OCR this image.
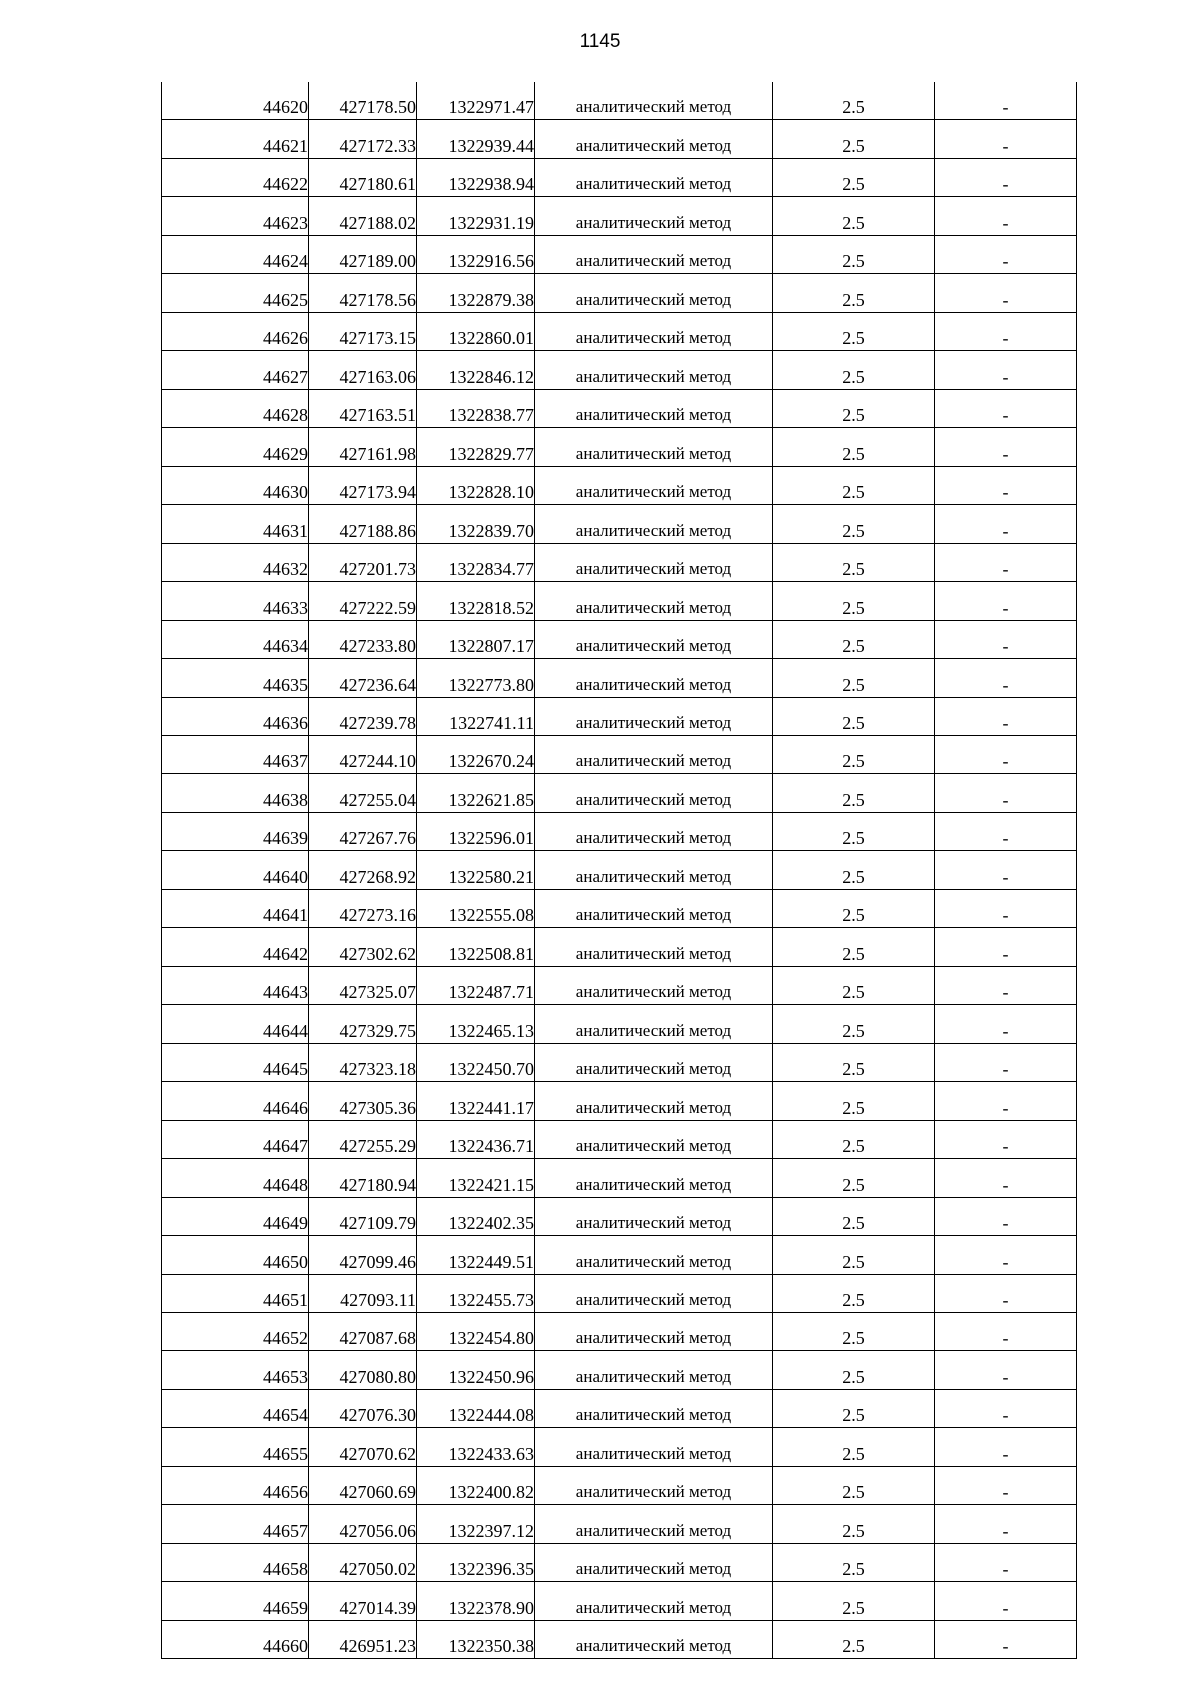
1145
44620	427178.50	1322971.47	аналитический метод	2.5	-
44621	427172.33	1322939.44	аналитический метод	2.5	-
44622	427180.61	1322938.94	аналитический метод	2.5	-
44623	427188.02	1322931.19	аналитический метод	2.5	-
44624	427189.00	1322916.56	аналитический метод	2.5	-
44625	427178.56	1322879.38	аналитический метод	2.5	-
44626	427173.15	1322860.01	аналитический метод	2.5	-
44627	427163.06	1322846.12	аналитический метод	2.5	-
44628	427163.51	1322838.77	аналитический метод	2.5	-
44629	427161.98	1322829.77	аналитический метод	2.5	-
44630	427173.94	1322828.10	аналитический метод	2.5	-
44631	427188.86	1322839.70	аналитический метод	2.5	-
44632	427201.73	1322834.77	аналитический метод	2.5	-
44633	427222.59	1322818.52	аналитический метод	2.5	-
44634	427233.80	1322807.17	аналитический метод	2.5	-
44635	427236.64	1322773.80	аналитический метод	2.5	-
44636	427239.78	1322741.11	аналитический метод	2.5	-
44637	427244.10	1322670.24	аналитический метод	2.5	-
44638	427255.04	1322621.85	аналитический метод	2.5	-
44639	427267.76	1322596.01	аналитический метод	2.5	-
44640	427268.92	1322580.21	аналитический метод	2.5	-
44641	427273.16	1322555.08	аналитический метод	2.5	-
44642	427302.62	1322508.81	аналитический метод	2.5	-
44643	427325.07	1322487.71	аналитический метод	2.5	-
44644	427329.75	1322465.13	аналитический метод	2.5	-
44645	427323.18	1322450.70	аналитический метод	2.5	-
44646	427305.36	1322441.17	аналитический метод	2.5	-
44647	427255.29	1322436.71	аналитический метод	2.5	-
44648	427180.94	1322421.15	аналитический метод	2.5	-
44649	427109.79	1322402.35	аналитический метод	2.5	-
44650	427099.46	1322449.51	аналитический метод	2.5	-
44651	427093.11	1322455.73	аналитический метод	2.5	-
44652	427087.68	1322454.80	аналитический метод	2.5	-
44653	427080.80	1322450.96	аналитический метод	2.5	-
44654	427076.30	1322444.08	аналитический метод	2.5	-
44655	427070.62	1322433.63	аналитический метод	2.5	-
44656	427060.69	1322400.82	аналитический метод	2.5	-
44657	427056.06	1322397.12	аналитический метод	2.5	-
44658	427050.02	1322396.35	аналитический метод	2.5	-
44659	427014.39	1322378.90	аналитический метод	2.5	-
44660	426951.23	1322350.38	аналитический метод	2.5	-
